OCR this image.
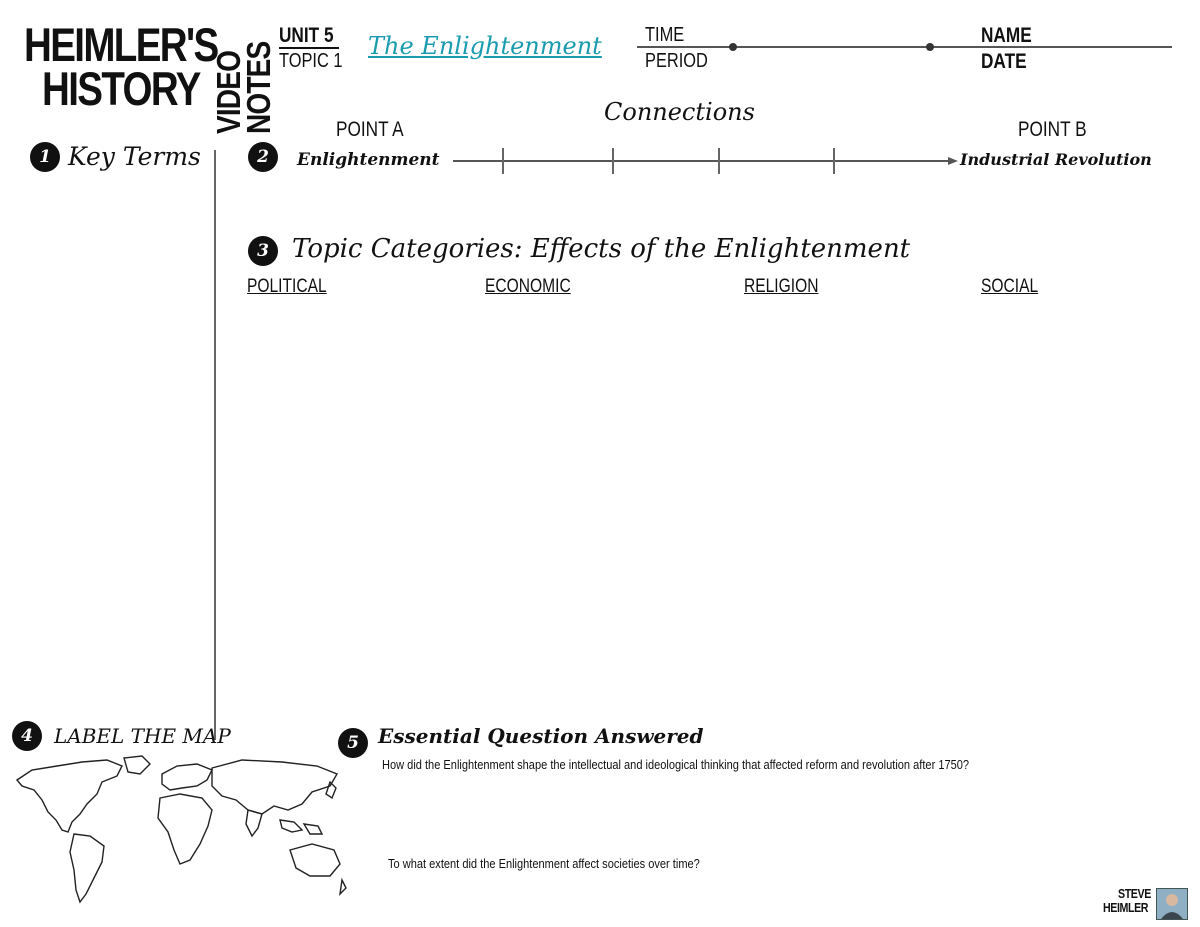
HEIMLER'S
HISTORY VIDEO
NOTES
UNIT 5
TOPIC 1
The Enlightenment TIME
PERIOD
NAME
DATE
1 Key Terms	2
Connections
POINT A	POINT B
Enlightenment	Industrial Revolution
3 Topic Categories: Effects of the Enlightenment
POLITICAL	ECONOMIC	RELIGION	SOCIAL
4	LABEL THE MAP	5 Essential Question Answered
How did the Enlightenment shape the intellectual and ideological thinking that affected reform and revolution after 1750?
To what extent did the Enlightenment affect societies over time?
STEVE
HEIMLER
